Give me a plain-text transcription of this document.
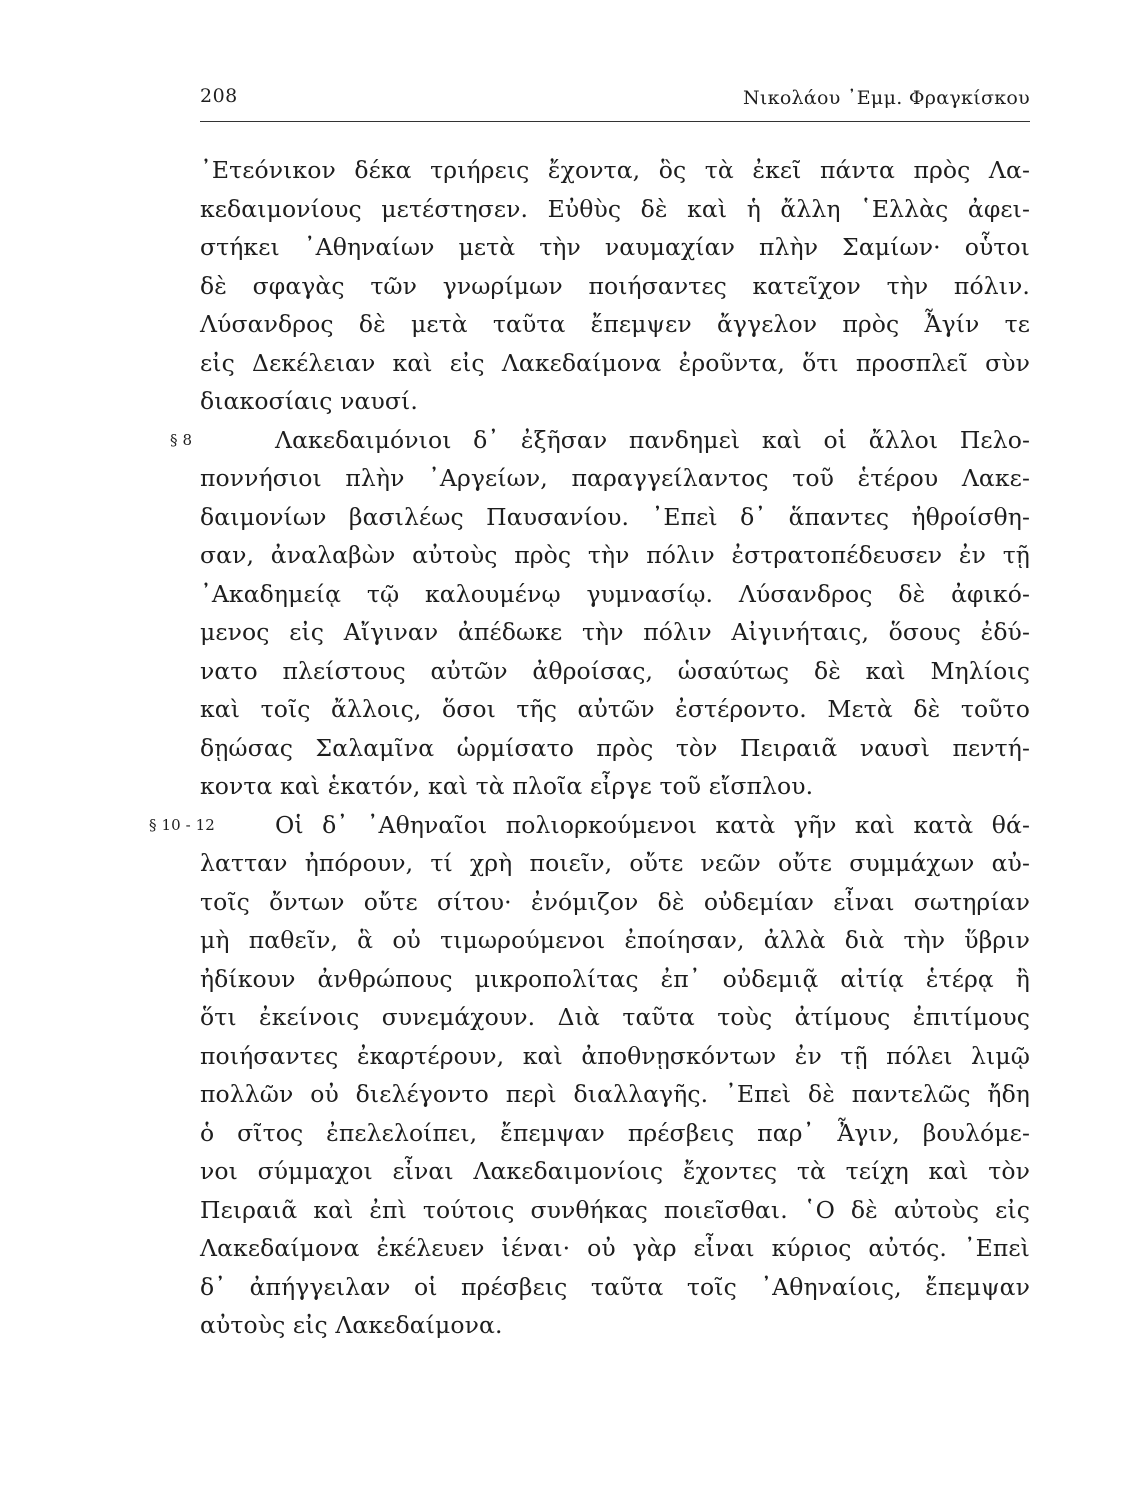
208	Νικολάου ᾿Εμμ. Φραγκίσκου
᾿Ετεόνικον δέκα τριήρεις ἔχοντα, ὃς τὰ ἐκεῖ πάντα πρὸς Λα-
κεδαιμονίους μετέστησεν. Εὐθὺς δὲ καὶ ἡ ἄλλη ῾Ελλὰς ἀφει-
στήκει ᾿Αθηναίων μετὰ τὴν ναυμαχίαν πλὴν Σαμίων· οὗτοι
δὲ σφαγὰς τῶν γνωρίμων ποιήσαντες κατεῖχον τὴν πόλιν.
Λύσανδρος δὲ μετὰ ταῦτα ἔπεμψεν ἄγγελον πρὸς Ἆγίν τε
εἰς Δεκέλειαν καὶ εἰς Λακεδαίμονα ἐροῦντα, ὅτι προσπλεῖ σὺν
διακοσίαις ναυσί.
§ 8	Λακεδαιμόνιοι δ᾿ ἐξῆσαν πανδημεὶ καὶ οἱ ἄλλοι Πελο-
ποννήσιοι πλὴν ᾿Αργείων, παραγγείλαντος τοῦ ἑτέρου Λακε-
δαιμονίων βασιλέως Παυσανίου. ᾿Επεὶ δ᾿ ἅπαντες ἠθροίσθη-
σαν, ἀναλαβὼν αὐτοὺς πρὸς τὴν πόλιν ἐστρατοπέδευσεν ἐν τῇ
᾿Ακαδημείᾳ τῷ καλουμένῳ γυμνασίῳ. Λύσανδρος δὲ ἀφικό-
μενος εἰς Αἴγιναν ἀπέδωκε τὴν πόλιν Αἰγινήταις, ὅσους ἐδύ-
νατο πλείστους αὐτῶν ἀθροίσας, ὡσαύτως δὲ καὶ Μηλίοις
καὶ τοῖς ἄλλοις, ὅσοι τῆς αὐτῶν ἐστέροντο. Μετὰ δὲ τοῦτο
δῃώσας Σαλαμῖνα ὡρμίσατο πρὸς τὸν Πειραιᾶ ναυσὶ πεντή-
κοντα καὶ ἑκατόν, καὶ τὰ πλοῖα εἶργε τοῦ εἴσπλου.
§ 10 - 12	Οἱ δ᾿ ᾿Αθηναῖοι πολιορκούμενοι κατὰ γῆν καὶ κατὰ θά-
λατταν ἠπόρουν, τί χρὴ ποιεῖν, οὔτε νεῶν οὔτε συμμάχων αὐ-
τοῖς ὄντων οὔτε σίτου· ἐνόμιζον δὲ οὐδεμίαν εἶναι σωτηρίαν
μὴ παθεῖν, ἃ οὐ τιμωρούμενοι ἐποίησαν, ἀλλὰ διὰ τὴν ὕβριν
ἠδίκουν ἀνθρώπους μικροπολίτας ἐπ᾿ οὐδεμιᾷ αἰτίᾳ ἑτέρᾳ ἢ
ὅτι ἐκείνοις συνεμάχουν. Διὰ ταῦτα τοὺς ἀτίμους ἐπιτίμους
ποιήσαντες ἐκαρτέρουν, καὶ ἀποθνῃσκόντων ἐν τῇ πόλει λιμῷ
πολλῶν οὐ διελέγοντο περὶ διαλλαγῆς. ᾿Επεὶ δὲ παντελῶς ἤδη
ὁ σῖτος ἐπελελοίπει, ἔπεμψαν πρέσβεις παρ᾿ Ἆγιν, βουλόμε-
νοι σύμμαχοι εἶναι Λακεδαιμονίοις ἔχοντες τὰ τείχη καὶ τὸν
Πειραιᾶ καὶ ἐπὶ τούτοις συνθήκας ποιεῖσθαι. ῾Ο δὲ αὐτοὺς εἰς
Λακεδαίμονα ἐκέλευεν ἰέναι· οὐ γὰρ εἶναι κύριος αὐτός. ᾿Επεὶ
δ᾿ ἀπήγγειλαν οἱ πρέσβεις ταῦτα τοῖς ᾿Αθηναίοις, ἔπεμψαν
αὐτοὺς εἰς Λακεδαίμονα.
